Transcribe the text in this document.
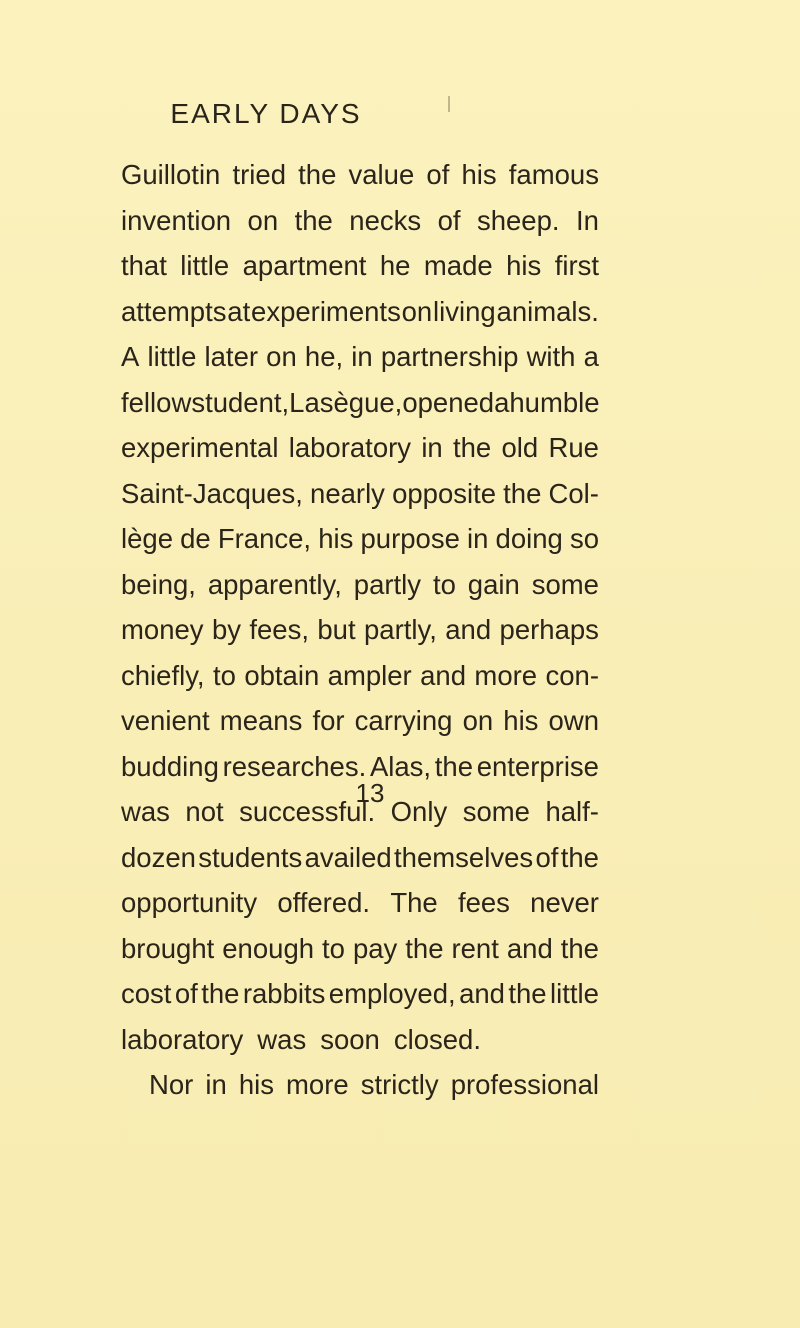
EARLY DAYS
Guillotin tried the value of his famous
invention on the necks of sheep. In
that little apartment he made his first
attempts at experiments on living animals.
A little later on he, in partnership with a
fellow student, Lasègue, opened a humble
experimental laboratory in the old Rue
Saint-Jacques, nearly opposite the Col-
lège de France, his purpose in doing so
being, apparently, partly to gain some
money by fees, but partly, and perhaps
chiefly, to obtain ampler and more con-
venient means for carrying on his own
budding researches. Alas, the enterprise
was not successful. Only some half-
dozen students availed themselves of the
opportunity offered. The fees never
brought enough to pay the rent and the
cost of the rabbits employed, and the little
laboratory was soon closed.
Nor in his more strictly professional
13
